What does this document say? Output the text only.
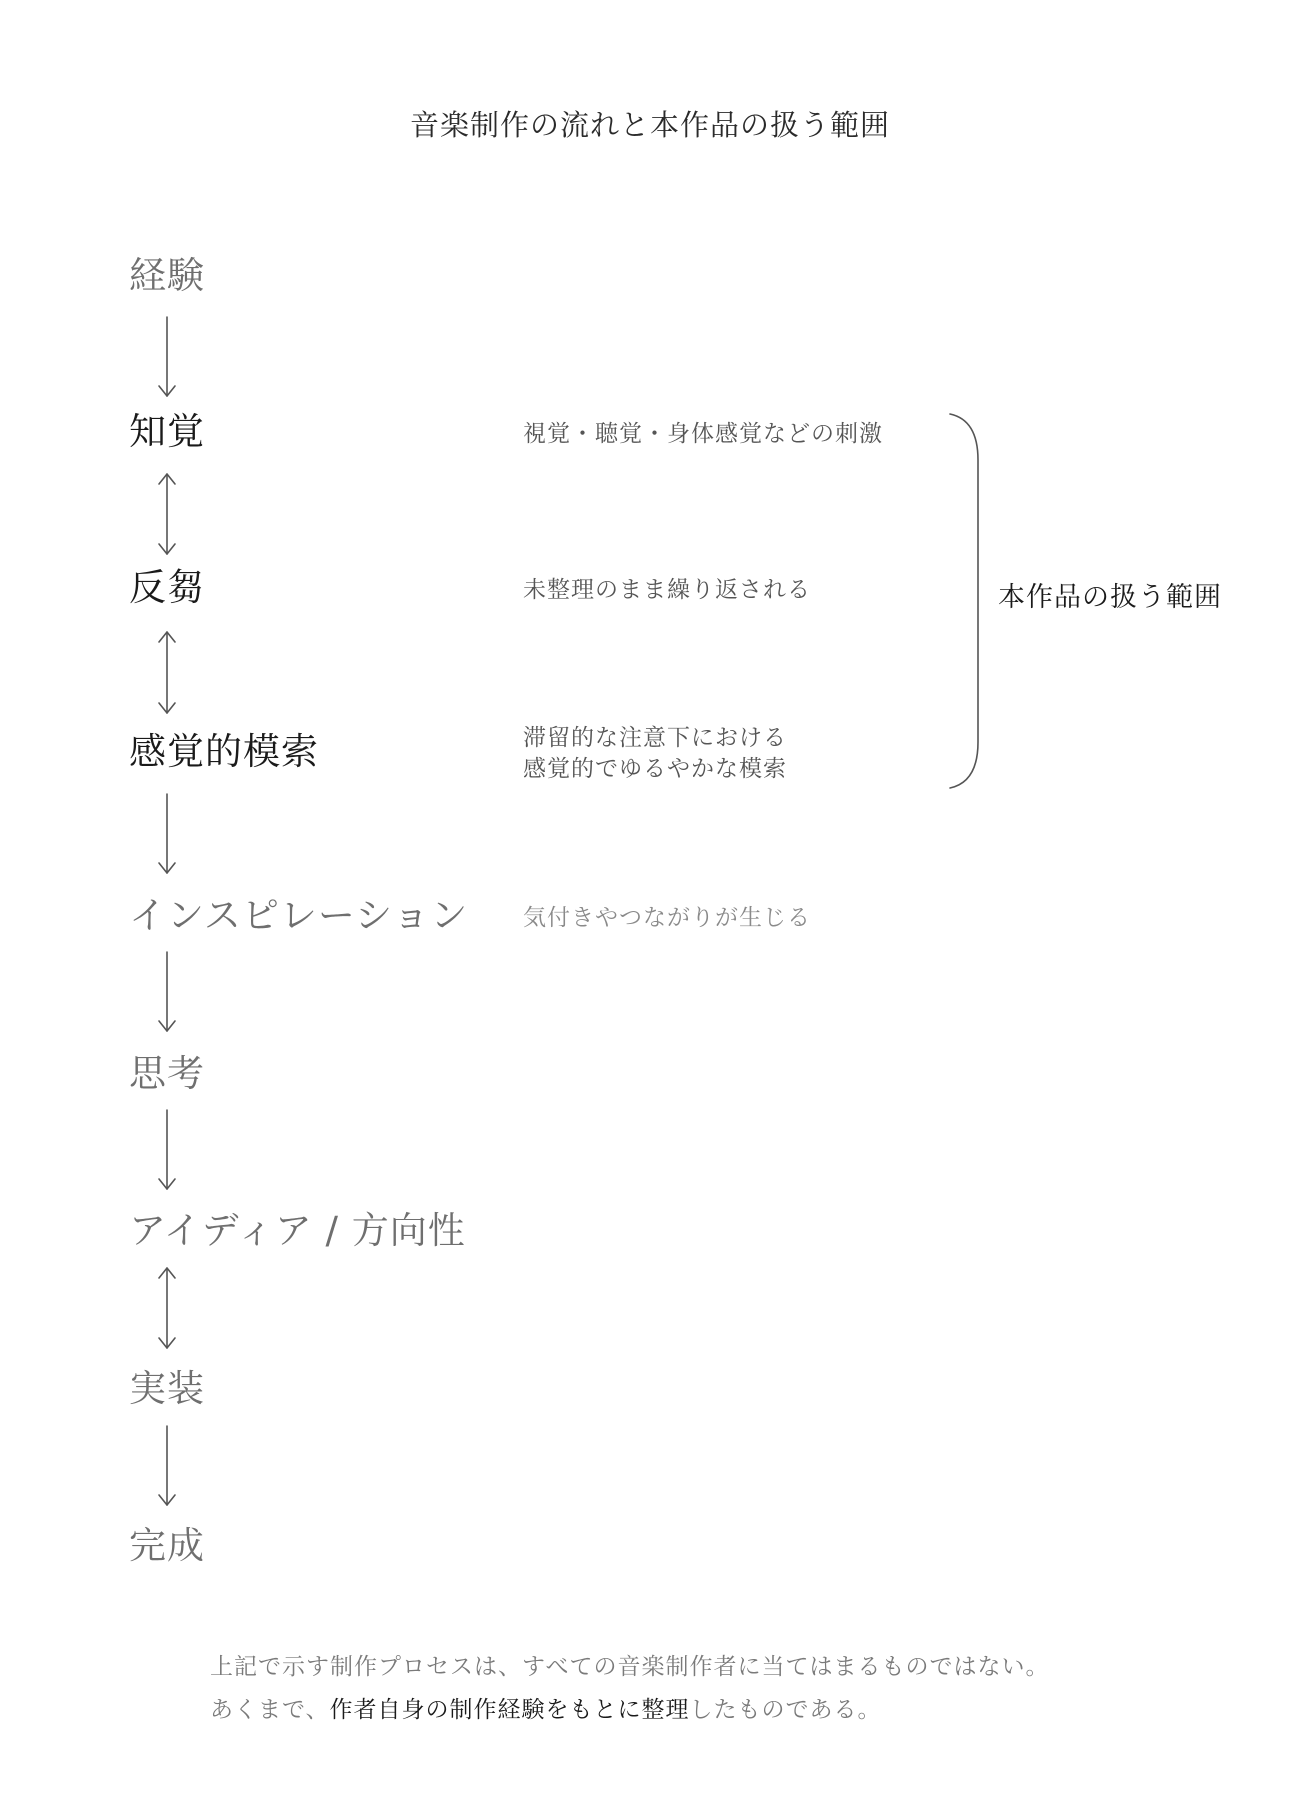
音楽制作の流れと本作品の扱う範囲
経験
知覚
反芻
感覚的模索
インスピレーション
思考
アイディア / 方向性
実装
完成
視覚・聴覚・身体感覚などの刺激
未整理のまま繰り返される
滞留的な注意下における
感覚的でゆるやかな模索
気付きやつながりが生じる
本作品の扱う範囲
上記で示す制作プロセスは、すべての音楽制作者に当てはまるものではない。
あくまで、作者自身の制作経験をもとに整理したものである。
